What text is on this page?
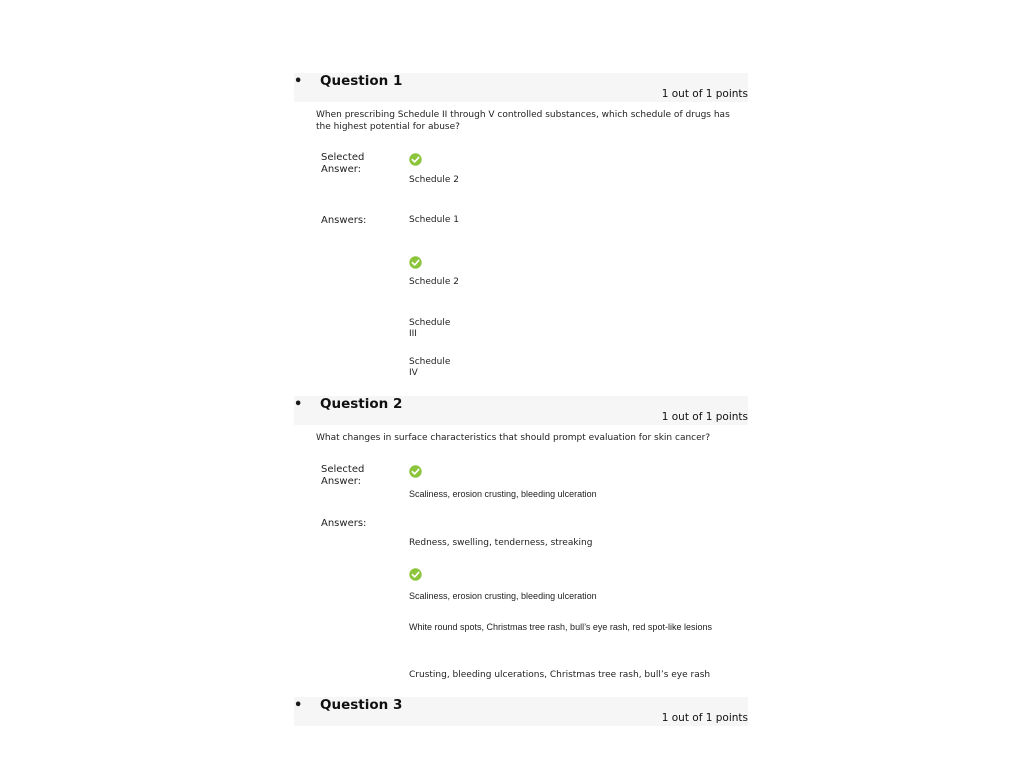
• Question 1
1 out of 1 points
When prescribing Schedule II through V controlled substances, which schedule of drugs has the highest potential for abuse?
Selected Answer:
Schedule 2
Answers:	Schedule 1
Schedule 2
Schedule III
Schedule IV
• Question 2
1 out of 1 points
What changes in surface characteristics that should prompt evaluation for skin cancer?
Selected Answer:
Scaliness, erosion crusting, bleeding ulceration
Answers:
Redness, swelling, tenderness, streaking
Scaliness, erosion crusting, bleeding ulceration
White round spots, Christmas tree rash, bull’s eye rash, red spot-like lesions
Crusting, bleeding ulcerations, Christmas tree rash, bull’s eye rash
• Question 3
1 out of 1 points
